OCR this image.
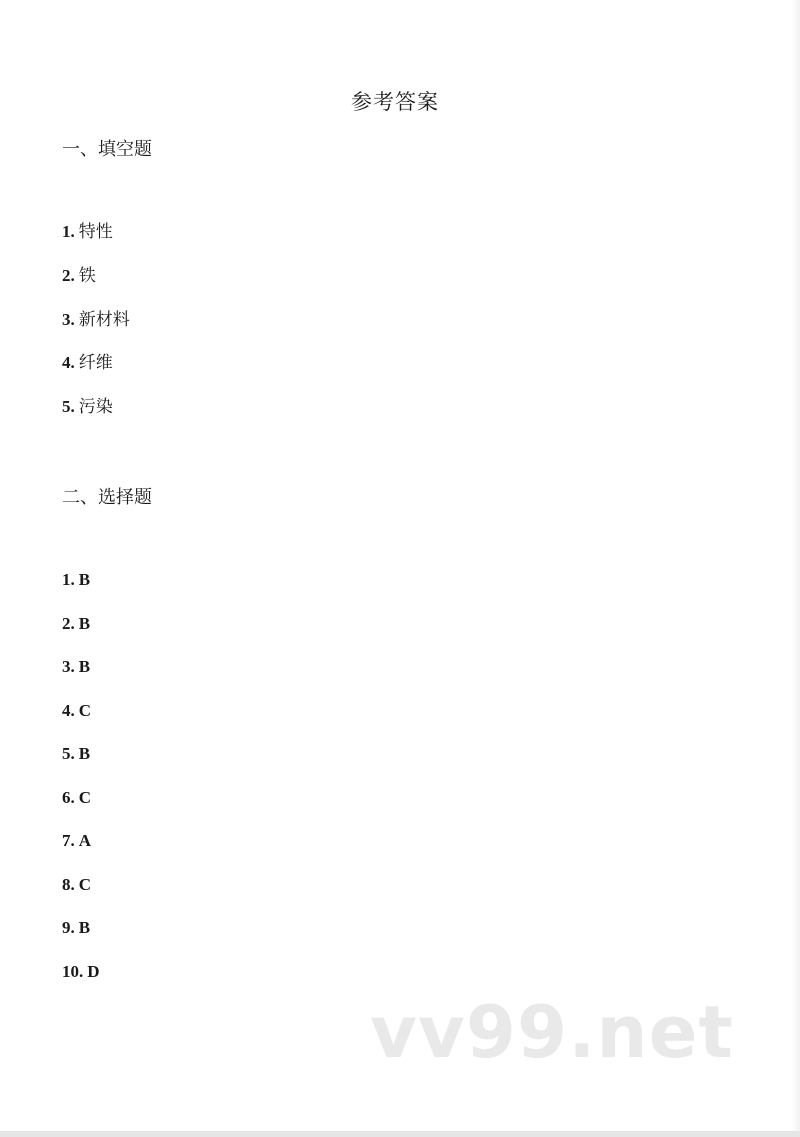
参考答案
一、填空题
1. 特性
2. 铁
3. 新材料
4. 纤维
5. 污染
二、选择题
1. B
2. B
3. B
4. C
5. B
6. C
7. A
8. C
9. B
10. D
vv99.net
